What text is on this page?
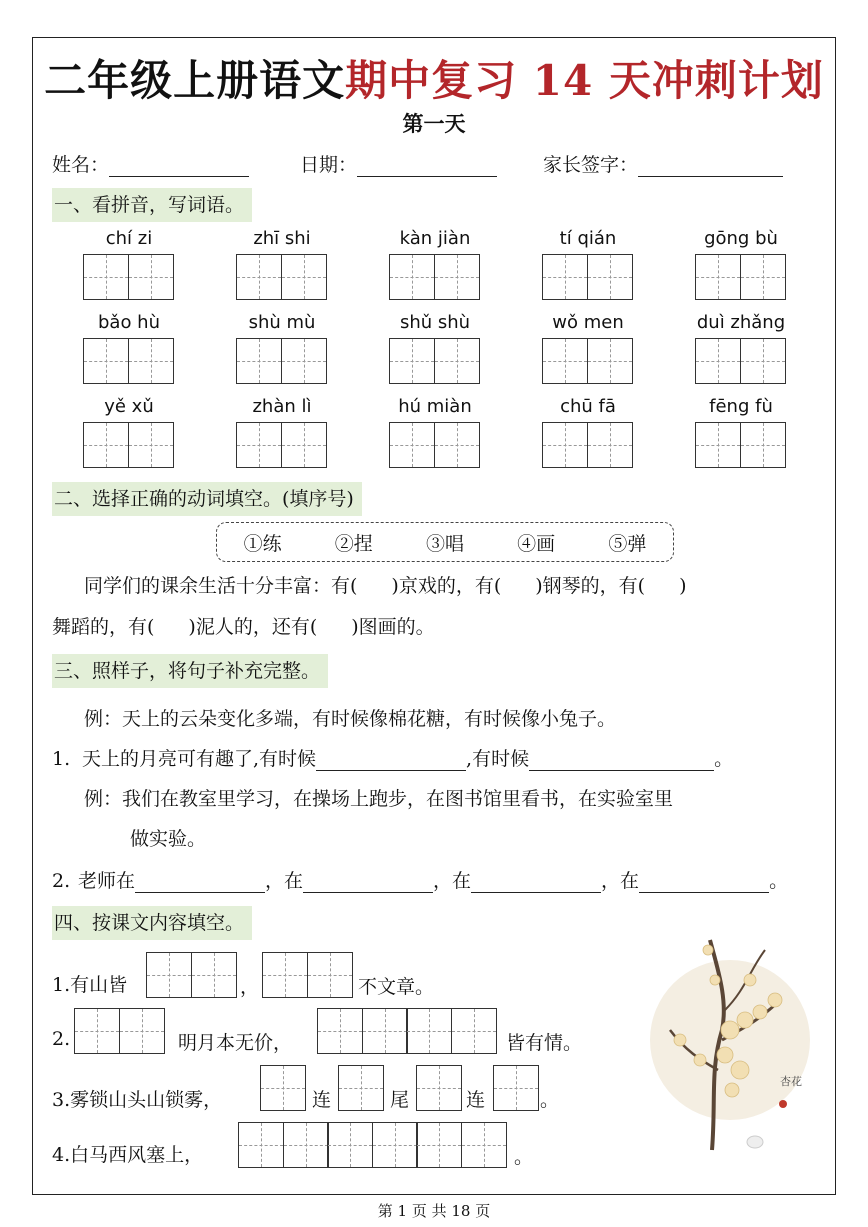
二年级上册语文期中复习 14 天冲刺计划
第一天
姓名：	日期：	家长签字：
一、看拼音，写词语。
chí zi	zhī shi	kàn jiàn	tí qián	gōng bù
bǎo hù	shù mù	shǔ shù	wǒ men	duì zhǎng
yě xǔ	zhàn lì	hú miàn	chū fā	fēng fù
二、选择正确的动词填空。(填序号)
①练	②捏	③唱	④画	⑤弹
同学们的课余生活十分丰富：有( )京戏的，有( )钢琴的，有( )
舞蹈的，有( )泥人的，还有( )图画的。
三、照样子，将句子补充完整。
例：天上的云朵变化多端，有时候像棉花糖，有时候像小兔子。
1. 天上的月亮可有趣了,有时候	,有时候	。
例：我们在教室里学习，在操场上跑步，在图书馆里看书，在实验室里
做实验。
2. 老师在	，在	，在	，在	。
四、按课文内容填空。
1.有山皆	，	不文章。
2.	明月本无价，	皆有情。
3.雾锁山头山锁雾，	连	尾	连	。
4.白马西风塞上，	。
杏花
第 1 页 共 18 页
